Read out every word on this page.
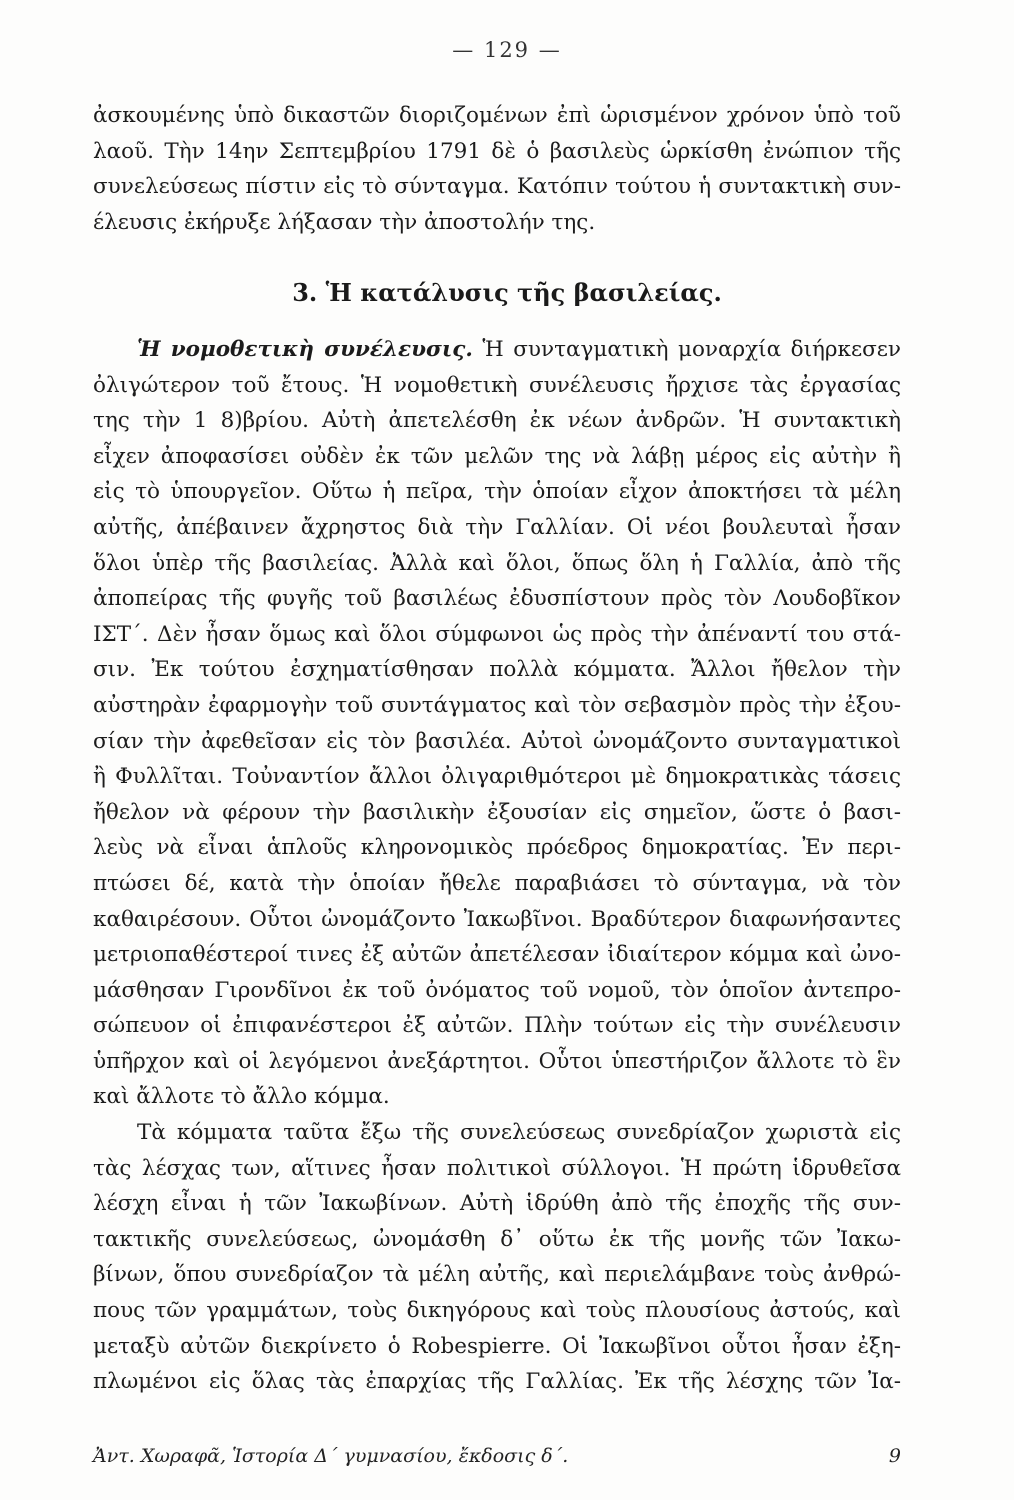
— 129 —
ἀσκουμένης ὑπὸ δικαστῶν διοριζομένων ἐπὶ ὡρισμένον χρόνον ὑπὸ τοῦ
λαοῦ. Τὴν 14ην Σεπτεμβρίου 1791 δὲ ὁ βασιλεὺς ὡρκίσθη ἐνώπιον τῆς
συνελεύσεως πίστιν εἰς τὸ σύνταγμα. Κατόπιν τούτου ἡ συντακτικὴ συν-
έλευσις ἐκήρυξε λήξασαν τὴν ἀποστολήν της.
3. Ἡ κατάλυσις τῆς βασιλείας.
Ἡ νομοθετικὴ συνέλευσις. Ἡ συνταγματικὴ μοναρχία διήρκεσεν
ὀλιγώτερον τοῦ ἔτους. Ἡ νομοθετικὴ συνέλευσις ἤρχισε τὰς ἐργασίας
της τὴν 1 8)βρίου. Αὐτὴ ἀπετελέσθη ἐκ νέων ἀνδρῶν. Ἡ συντακτικὴ
εἶχεν ἀποφασίσει οὐδὲν ἐκ τῶν μελῶν της νὰ λάβῃ μέρος εἰς αὐτὴν ἢ
εἰς τὸ ὑπουργεῖον. Οὕτω ἡ πεῖρα, τὴν ὁποίαν εἶχον ἀποκτήσει τὰ μέλη
αὐτῆς, ἀπέβαινεν ἄχρηστος διὰ τὴν Γαλλίαν. Οἱ νέοι βουλευταὶ ἦσαν
ὅλοι ὑπὲρ τῆς βασιλείας. Ἀλλὰ καὶ ὅλοι, ὅπως ὅλη ἡ Γαλλία, ἀπὸ τῆς
ἀποπείρας τῆς φυγῆς τοῦ βασιλέως ἐδυσπίστουν πρὸς τὸν Λουδοβῖκον
ΙΣΤ΄. Δὲν ἦσαν ὅμως καὶ ὅλοι σύμφωνοι ὡς πρὸς τὴν ἀπέναντί του στά-
σιν. Ἐκ τούτου ἐσχηματίσθησαν πολλὰ κόμματα. Ἄλλοι ἤθελον τὴν
αὐστηρὰν ἐφαρμογὴν τοῦ συντάγματος καὶ τὸν σεβασμὸν πρὸς τὴν ἐξου-
σίαν τὴν ἀφεθεῖσαν εἰς τὸν βασιλέα. Αὐτοὶ ὠνομάζοντο συνταγματικοὶ
ἢ Φυλλῖται. Τοὐναντίον ἄλλοι ὀλιγαριθμότεροι μὲ δημοκρατικὰς τάσεις
ἤθελον νὰ φέρουν τὴν βασιλικὴν ἐξουσίαν εἰς σημεῖον, ὥστε ὁ βασι-
λεὺς νὰ εἶναι ἁπλοῦς κληρονομικὸς πρόεδρος δημοκρατίας. Ἐν περι-
πτώσει δέ, κατὰ τὴν ὁποίαν ἤθελε παραβιάσει τὸ σύνταγμα, νὰ τὸν
καθαιρέσουν. Οὗτοι ὠνομάζοντο Ἰακωβῖνοι. Βραδύτερον διαφωνήσαντες
μετριοπαθέστεροί τινες ἐξ αὐτῶν ἀπετέλεσαν ἰδιαίτερον κόμμα καὶ ὠνο-
μάσθησαν Γιρονδῖνοι ἐκ τοῦ ὀνόματος τοῦ νομοῦ, τὸν ὁποῖον ἀντεπρο-
σώπευον οἱ ἐπιφανέστεροι ἐξ αὐτῶν. Πλὴν τούτων εἰς τὴν συνέλευσιν
ὑπῆρχον καὶ οἱ λεγόμενοι ἀνεξάρτητοι. Οὗτοι ὑπεστήριζον ἄλλοτε τὸ ἓν
καὶ ἄλλοτε τὸ ἄλλο κόμμα.
Τὰ κόμματα ταῦτα ἔξω τῆς συνελεύσεως συνεδρίαζον χωριστὰ εἰς
τὰς λέσχας των, αἵτινες ἦσαν πολιτικοὶ σύλλογοι. Ἡ πρώτη ἱδρυθεῖσα
λέσχη εἶναι ἡ τῶν Ἰακωβίνων. Αὐτὴ ἱδρύθη ἀπὸ τῆς ἐποχῆς τῆς συν-
τακτικῆς συνελεύσεως, ὠνομάσθη δ᾽ οὕτω ἐκ τῆς μονῆς τῶν Ἰακω-
βίνων, ὅπου συνεδρίαζον τὰ μέλη αὐτῆς, καὶ περιελάμβανε τοὺς ἀνθρώ-
πους τῶν γραμμάτων, τοὺς δικηγόρους καὶ τοὺς πλουσίους ἀστούς, καὶ
μεταξὺ αὐτῶν διεκρίνετο ὁ Robespierre. Οἱ Ἰακωβῖνοι οὗτοι ἦσαν ἐξη-
πλωμένοι εἰς ὅλας τὰς ἐπαρχίας τῆς Γαλλίας. Ἐκ τῆς λέσχης τῶν Ἰα-
Ἀντ. Χωραφᾶ, Ἱστορία Δ΄ γυμνασίου, ἔκδοσις δ΄.	9
